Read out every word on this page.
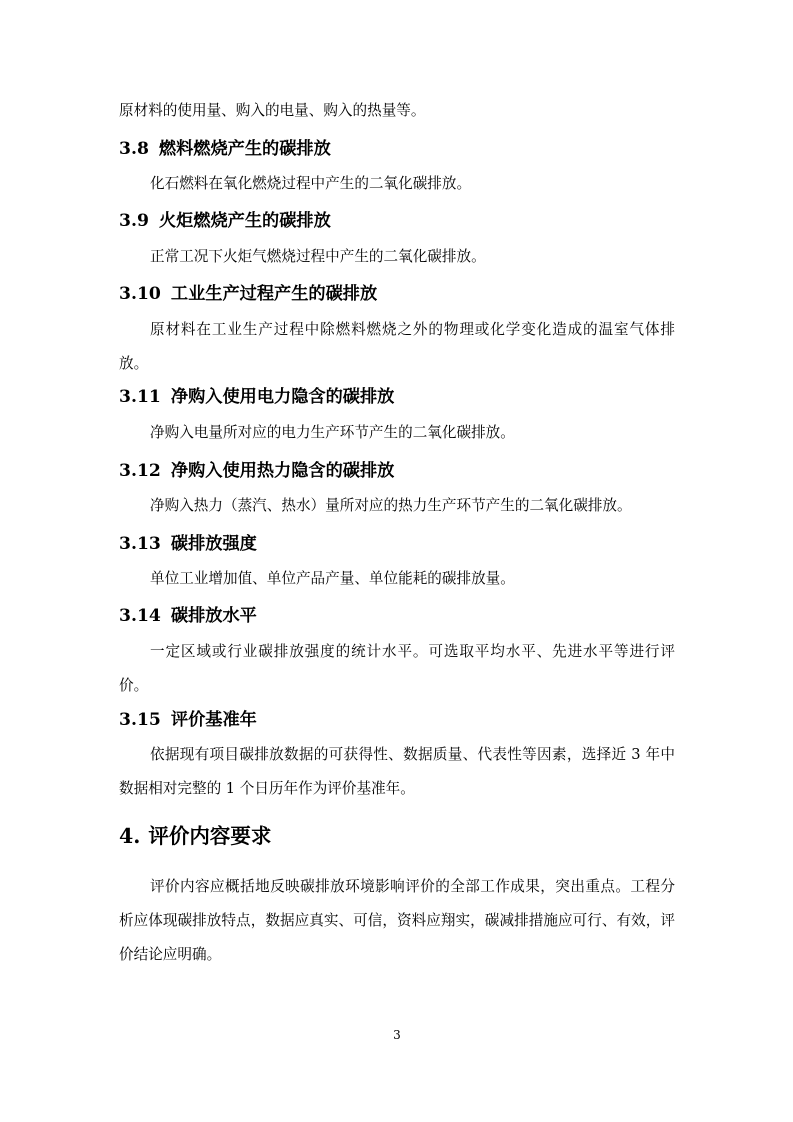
原材料的使用量、购入的电量、购入的热量等。

3.8 燃料燃烧产生的碳排放

化石燃料在氧化燃烧过程中产生的二氧化碳排放。

3.9 火炬燃烧产生的碳排放

正常工况下火炬气燃烧过程中产生的二氧化碳排放。

3.10 工业生产过程产生的碳排放

原材料在工业生产过程中除燃料燃烧之外的物理或化学变化造成的温室气体排放。

3.11 净购入使用电力隐含的碳排放

净购入电量所对应的电力生产环节产生的二氧化碳排放。

3.12 净购入使用热力隐含的碳排放

净购入热力（蒸汽、热水）量所对应的热力生产环节产生的二氧化碳排放。

3.13 碳排放强度

单位工业增加值、单位产品产量、单位能耗的碳排放量。

3.14 碳排放水平

一定区域或行业碳排放强度的统计水平。可选取平均水平、先进水平等进行评价。

3.15 评价基准年

依据现有项目碳排放数据的可获得性、数据质量、代表性等因素，选择近 3 年中数据相对完整的 1 个日历年作为评价基准年。

4. 评价内容要求

评价内容应概括地反映碳排放环境影响评价的全部工作成果，突出重点。工程分析应体现碳排放特点，数据应真实、可信，资料应翔实，碳减排措施应可行、有效，评价结论应明确。

3
